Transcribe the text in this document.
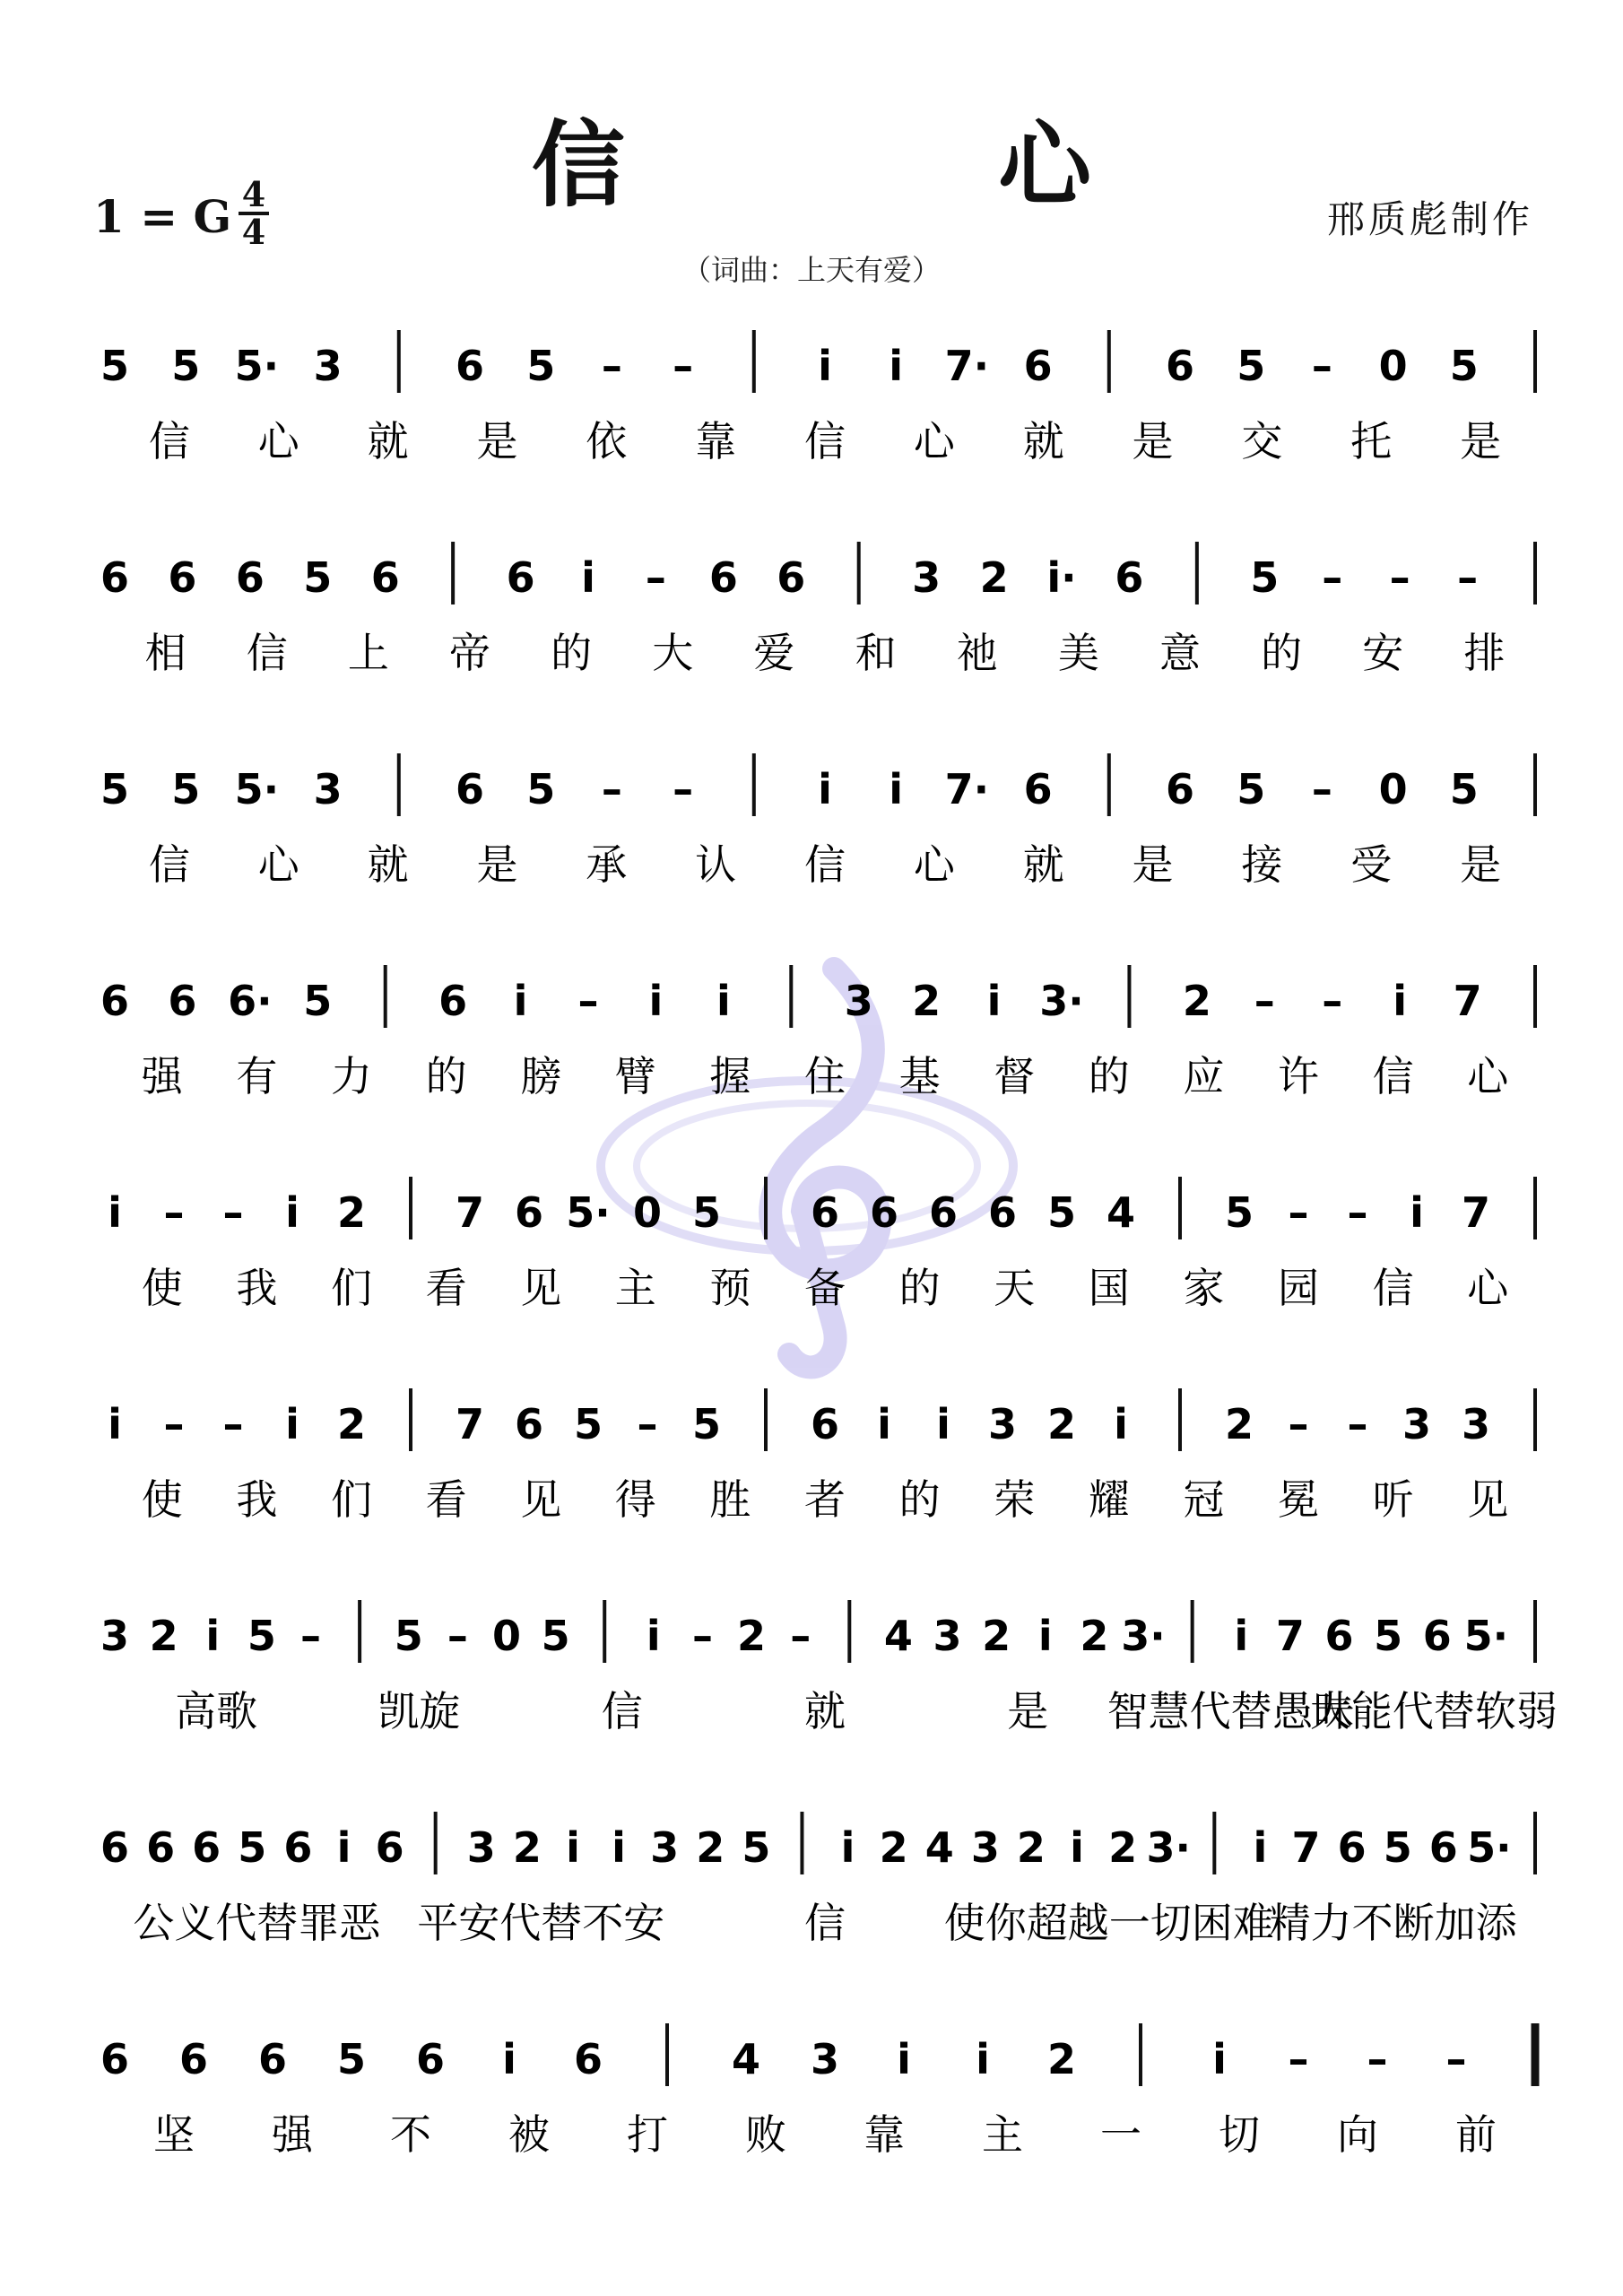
信 心
1 = G 4
4	邢质彪制作
（词曲：上天有爱）
5 5 5· 3	6 5 – –	i i 7· 6	6 5 – 0 5
信 心 就 是 依 靠 信 心 就 是 交 托 是
6 6 6 5 6	6 i – 6 6	3 2 i· 6	5 – – –
相 信 上 帝 的 大 爱 和 祂 美 意 的 安 排
5 5 5· 3	6 5 – –	i i 7· 6	6 5 – 0 5
信 心 就 是 承 认 信 心 就 是 接 受 是
6 6 6· 5	6 i – i i	3 2 i 3· 2 – – i 7
强 有 力 的 膀 臂 握 住 基 督 的 应 许 信 心
i – – i 2 7 6 5· 0 5 6 6 6 6 5 4 5 – – i 7
使 我 们 看 见 主 预 备 的 天 国 家 园 信 心
i – – i 2 7 6 5 – 5 6 i i 3 2 i 2 – – 3 3
使 我 们 看 见 得 胜 者 的 荣 耀 冠 冕 听 见
3 2 i 5 – 5 – 0 5 i – 2 – 4 3 2 i 2 3· i 7 6 5 6 5·
高歌	凯旋	信	就	是 智慧代替愚昧
大能代替软弱
6 6 6 5 6 i 6 3 2 i i 3 2 5 i 2 4 3 2 i 2 3· i 7 6 5 6 5·
公义代替罪恶 平安代替不安	信 使你超越一切困难
精力不断加添
6 6 6 5 6 i 6	4 3 i i 2	i – – –
坚 强 不 被 打 败 靠 主 一 切 向 前
